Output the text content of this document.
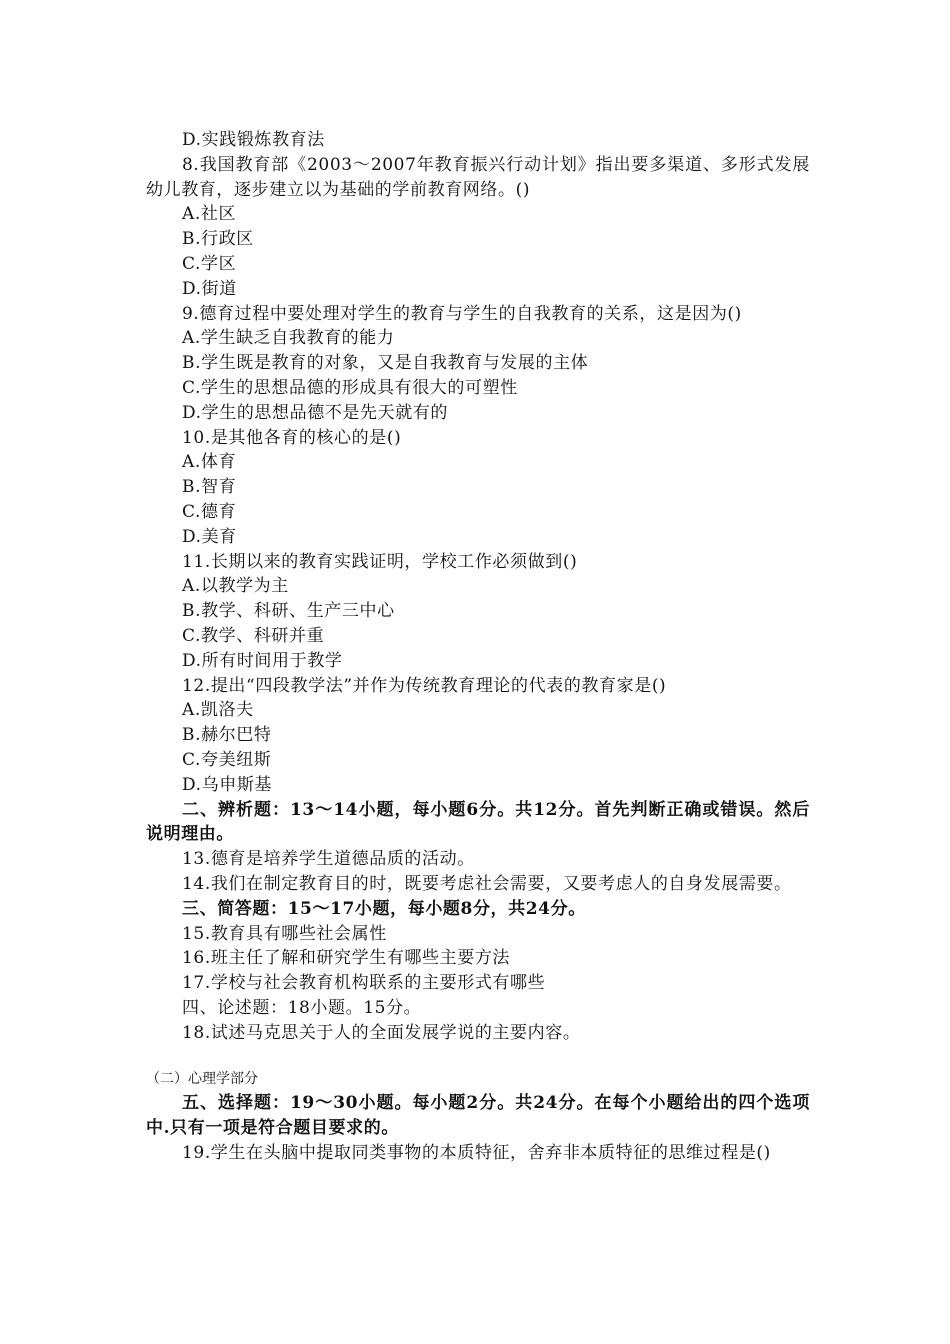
D.实践锻炼教育法
8.我国教育部《2003～2007年教育振兴行动计划》指出要多渠道、多形式发展幼儿教育，逐步建立以为基础的学前教育网络。()
A.社区
B.行政区
C.学区
D.街道
9.德育过程中要处理对学生的教育与学生的自我教育的关系，这是因为()
A.学生缺乏自我教育的能力
B.学生既是教育的对象，又是自我教育与发展的主体
C.学生的思想品德的形成具有很大的可塑性
D.学生的思想品德不是先天就有的
10.是其他各育的核心的是()
A.体育
B.智育
C.德育
D.美育
11.长期以来的教育实践证明，学校工作必须做到()
A.以教学为主
B.教学、科研、生产三中心
C.教学、科研并重
D.所有时间用于教学
12.提出“四段教学法”并作为传统教育理论的代表的教育家是()
A.凯洛夫
B.赫尔巴特
C.夸美纽斯
D.乌申斯基
二、辨析题：13～14小题，每小题6分。共12分。首先判断正确或错误。然后说明理由。
13.德育是培养学生道德品质的活动。
14.我们在制定教育目的时，既要考虑社会需要，又要考虑人的自身发展需要。
三、简答题：15～17小题，每小题8分，共24分。
15.教育具有哪些社会属性
16.班主任了解和研究学生有哪些主要方法
17.学校与社会教育机构联系的主要形式有哪些
四、论述题：18小题。15分。
18.试述马克思关于人的全面发展学说的主要内容。
（二）心理学部分
五、选择题：19～30小题。每小题2分。共24分。在每个小题给出的四个选项中.只有一项是符合题目要求的。
19.学生在头脑中提取同类事物的本质特征，舍弃非本质特征的思维过程是()
